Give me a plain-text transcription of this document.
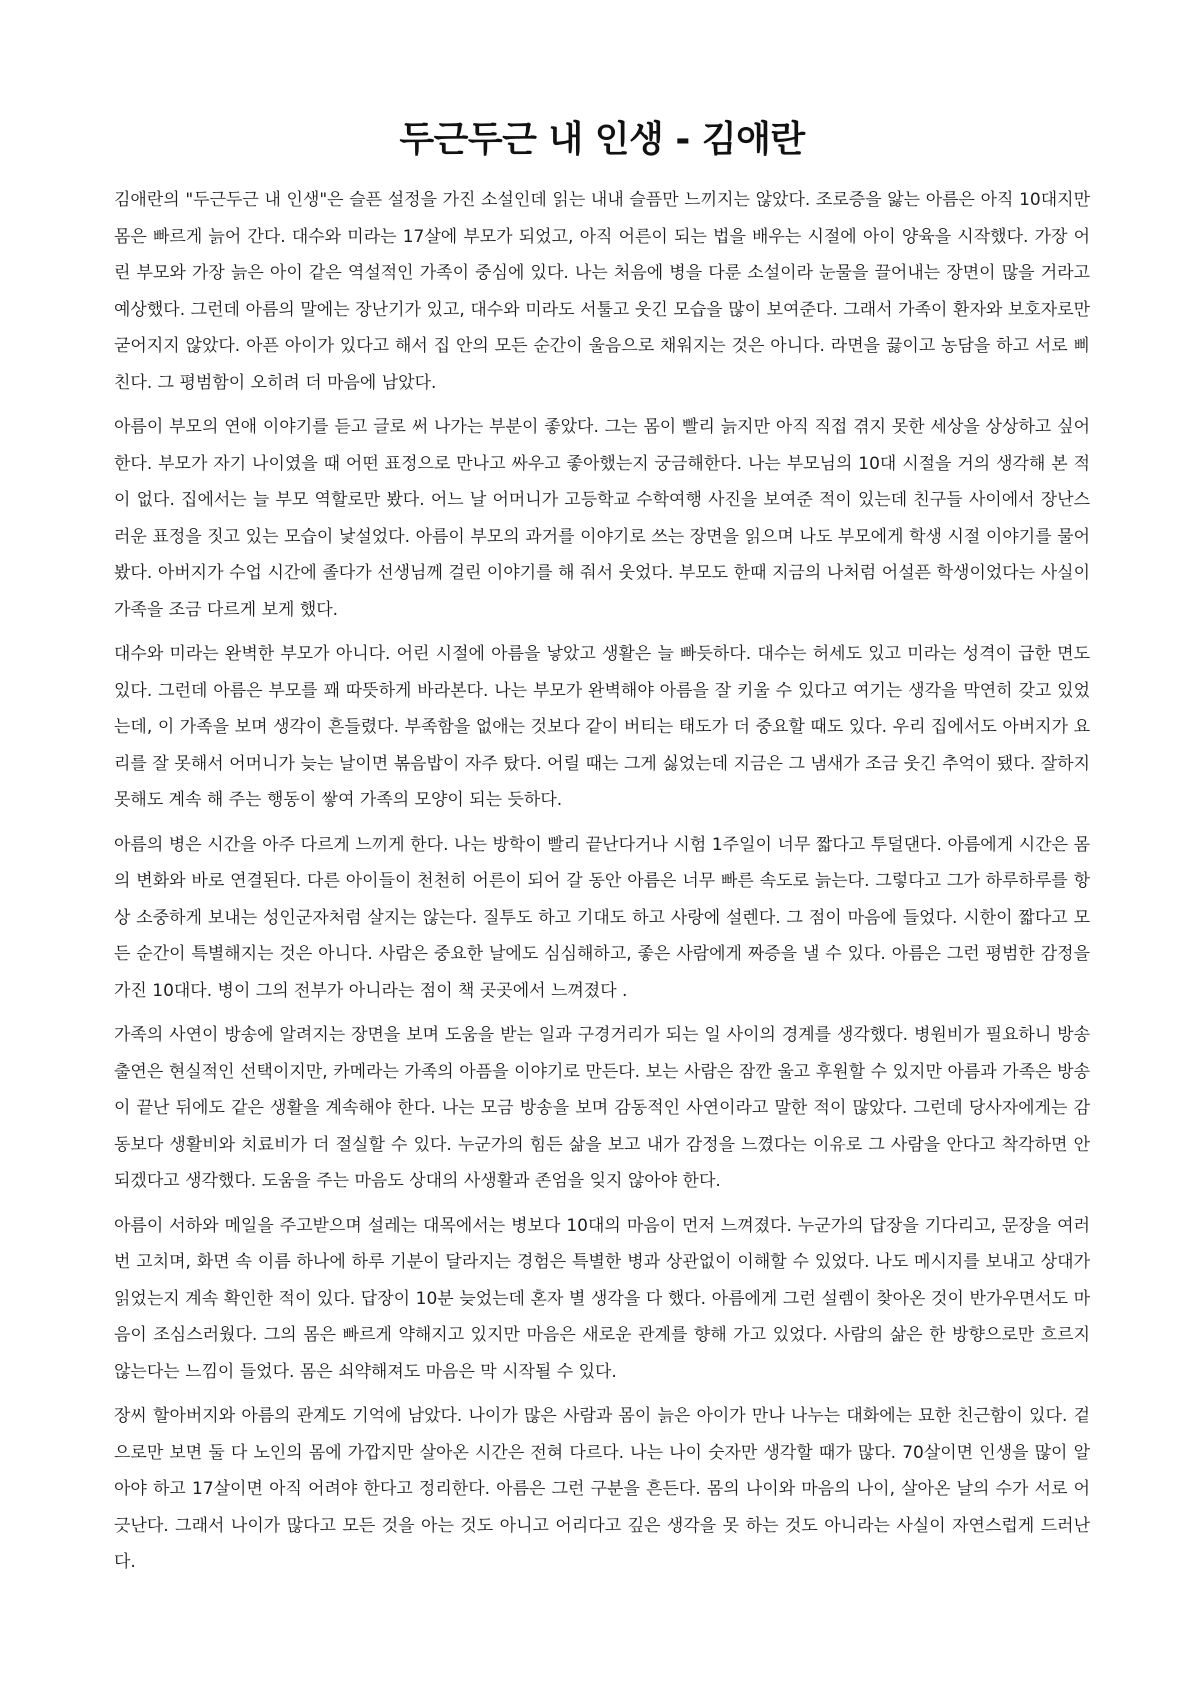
두근두근 내 인생 - 김애란

김애란의 "두근두근 내 인생"은 슬픈 설정을 가진 소설인데 읽는 내내 슬픔만 느끼지는 않았다. 조로증을 앓는 아름은 아직 10대지만 몸은 빠르게 늙어 간다. 대수와 미라는 17살에 부모가 되었고, 아직 어른이 되는 법을 배우는 시절에 아이 양육을 시작했다. 가장 어린 부모와 가장 늙은 아이 같은 역설적인 가족이 중심에 있다. 나는 처음에 병을 다룬 소설이라 눈물을 끌어내는 장면이 많을 거라고 예상했다. 그런데 아름의 말에는 장난기가 있고, 대수와 미라도 서툴고 웃긴 모습을 많이 보여준다. 그래서 가족이 환자와 보호자로만 굳어지지 않았다. 아픈 아이가 있다고 해서 집 안의 모든 순간이 울음으로 채워지는 것은 아니다. 라면을 끓이고 농담을 하고 서로 삐친다. 그 평범함이 오히려 더 마음에 남았다.

아름이 부모의 연애 이야기를 듣고 글로 써 나가는 부분이 좋았다. 그는 몸이 빨리 늙지만 아직 직접 겪지 못한 세상을 상상하고 싶어 한다. 부모가 자기 나이였을 때 어떤 표정으로 만나고 싸우고 좋아했는지 궁금해한다. 나는 부모님의 10대 시절을 거의 생각해 본 적이 없다. 집에서는 늘 부모 역할로만 봤다. 어느 날 어머니가 고등학교 수학여행 사진을 보여준 적이 있는데 친구들 사이에서 장난스러운 표정을 짓고 있는 모습이 낯설었다. 아름이 부모의 과거를 이야기로 쓰는 장면을 읽으며 나도 부모에게 학생 시절 이야기를 물어봤다. 아버지가 수업 시간에 졸다가 선생님께 걸린 이야기를 해 줘서 웃었다. 부모도 한때 지금의 나처럼 어설픈 학생이었다는 사실이 가족을 조금 다르게 보게 했다.

대수와 미라는 완벽한 부모가 아니다. 어린 시절에 아름을 낳았고 생활은 늘 빠듯하다. 대수는 허세도 있고 미라는 성격이 급한 면도 있다. 그런데 아름은 부모를 꽤 따뜻하게 바라본다. 나는 부모가 완벽해야 아름을 잘 키울 수 있다고 여기는 생각을 막연히 갖고 있었는데, 이 가족을 보며 생각이 흔들렸다. 부족함을 없애는 것보다 같이 버티는 태도가 더 중요할 때도 있다. 우리 집에서도 아버지가 요리를 잘 못해서 어머니가 늦는 날이면 볶음밥이 자주 탔다. 어릴 때는 그게 싫었는데 지금은 그 냄새가 조금 웃긴 추억이 됐다. 잘하지 못해도 계속 해 주는 행동이 쌓여 가족의 모양이 되는 듯하다.

아름의 병은 시간을 아주 다르게 느끼게 한다. 나는 방학이 빨리 끝난다거나 시험 1주일이 너무 짧다고 투덜댄다. 아름에게 시간은 몸의 변화와 바로 연결된다. 다른 아이들이 천천히 어른이 되어 갈 동안 아름은 너무 빠른 속도로 늙는다. 그렇다고 그가 하루하루를 항상 소중하게 보내는 성인군자처럼 살지는 않는다. 질투도 하고 기대도 하고 사랑에 설렌다. 그 점이 마음에 들었다. 시한이 짧다고 모든 순간이 특별해지는 것은 아니다. 사람은 중요한 날에도 심심해하고, 좋은 사람에게 짜증을 낼 수 있다. 아름은 그런 평범한 감정을 가진 10대다. 병이 그의 전부가 아니라는 점이 책 곳곳에서 느껴졌다 .

가족의 사연이 방송에 알려지는 장면을 보며 도움을 받는 일과 구경거리가 되는 일 사이의 경계를 생각했다. 병원비가 필요하니 방송 출연은 현실적인 선택이지만, 카메라는 가족의 아픔을 이야기로 만든다. 보는 사람은 잠깐 울고 후원할 수 있지만 아름과 가족은 방송이 끝난 뒤에도 같은 생활을 계속해야 한다. 나는 모금 방송을 보며 감동적인 사연이라고 말한 적이 많았다. 그런데 당사자에게는 감동보다 생활비와 치료비가 더 절실할 수 있다. 누군가의 힘든 삶을 보고 내가 감정을 느꼈다는 이유로 그 사람을 안다고 착각하면 안 되겠다고 생각했다. 도움을 주는 마음도 상대의 사생활과 존엄을 잊지 않아야 한다.

아름이 서하와 메일을 주고받으며 설레는 대목에서는 병보다 10대의 마음이 먼저 느껴졌다. 누군가의 답장을 기다리고, 문장을 여러 번 고치며, 화면 속 이름 하나에 하루 기분이 달라지는 경험은 특별한 병과 상관없이 이해할 수 있었다. 나도 메시지를 보내고 상대가 읽었는지 계속 확인한 적이 있다. 답장이 10분 늦었는데 혼자 별 생각을 다 했다. 아름에게 그런 설렘이 찾아온 것이 반가우면서도 마음이 조심스러웠다. 그의 몸은 빠르게 약해지고 있지만 마음은 새로운 관계를 향해 가고 있었다. 사람의 삶은 한 방향으로만 흐르지 않는다는 느낌이 들었다. 몸은 쇠약해져도 마음은 막 시작될 수 있다.

장씨 할아버지와 아름의 관계도 기억에 남았다. 나이가 많은 사람과 몸이 늙은 아이가 만나 나누는 대화에는 묘한 친근함이 있다. 겉으로만 보면 둘 다 노인의 몸에 가깝지만 살아온 시간은 전혀 다르다. 나는 나이 숫자만 생각할 때가 많다. 70살이면 인생을 많이 알아야 하고 17살이면 아직 어려야 한다고 정리한다. 아름은 그런 구분을 흔든다. 몸의 나이와 마음의 나이, 살아온 날의 수가 서로 어긋난다. 그래서 나이가 많다고 모든 것을 아는 것도 아니고 어리다고 깊은 생각을 못 하는 것도 아니라는 사실이 자연스럽게 드러난다.
